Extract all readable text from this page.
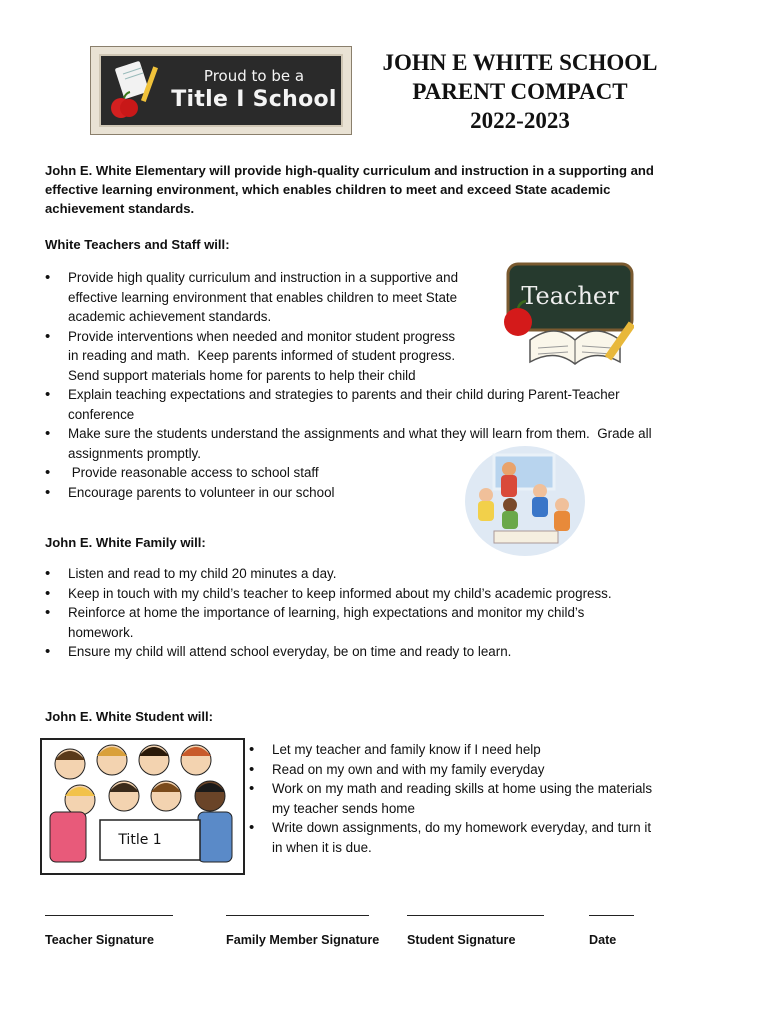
Proud to be a
Title I School
JOHN E WHITE SCHOOL
PARENT COMPACT
2022-2023
John E. White Elementary will provide high-quality curriculum and instruction in a supporting and effective learning environment, which enables children to meet and exceed State academic achievement standards.
White Teachers and Staff will:
• Provide high quality curriculum and instruction in a supportive and
effective learning environment that enables children to meet State
academic achievement standards.
• Provide interventions when needed and monitor student progress
in reading and math.  Keep parents informed of student progress.
Send support materials home for parents to help their child
• Explain teaching expectations and strategies to parents and their child during Parent-Teacher
conference
• Make sure the students understand the assignments and what they will learn from them.  Grade all
assignments promptly.
•  Provide reasonable access to school staff
• Encourage parents to volunteer in our school
Teacher
John E. White Family will:
• Listen and read to my child 20 minutes a day.
• Keep in touch with my child’s teacher to keep informed about my child’s academic progress.
• Reinforce at home the importance of learning, high expectations and monitor my child’s
homework.
• Ensure my child will attend school everyday, be on time and ready to learn.
John E. White Student will:
Title 1
• Let my teacher and family know if I need help
• Read on my own and with my family everyday
• Work on my math and reading skills at home using the materials
my teacher sends home
• Write down assignments, do my homework everyday, and turn it
in when it is due.
Teacher Signature	Family Member Signature Student Signature	Date
